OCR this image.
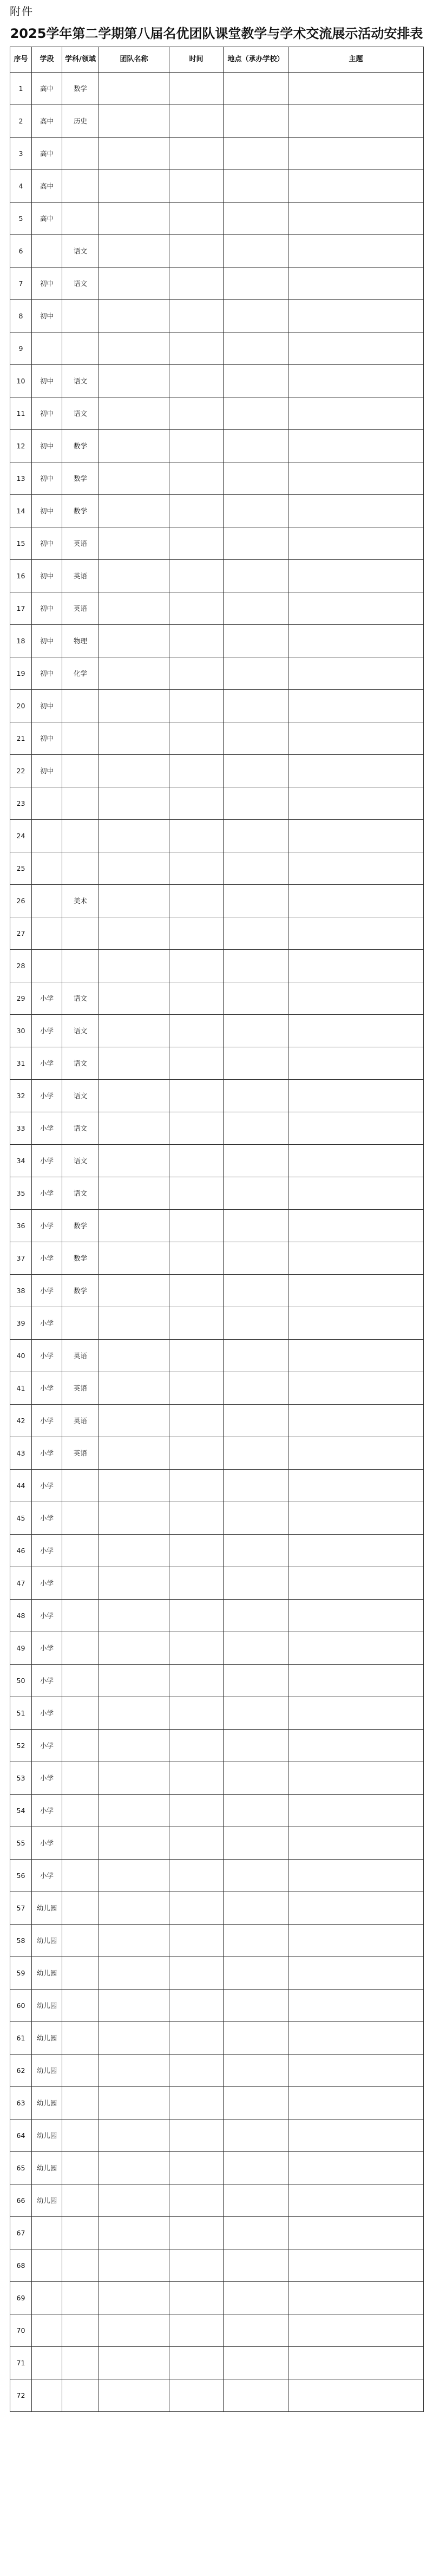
附件
2025学年第二学期第八届名优团队课堂教学与学术交流展示活动安排表
序号	学段	学科/领域	团队名称	时间	地点（承办学校）	主题

1	高中	数学				

2	高中	历史				

3	高中					

4	高中					

5	高中					

6		语文				

7	初中	语文				

8	初中					

9						

10	初中	语文				

11	初中	语文				

12	初中	数学				

13	初中	数学				

14	初中	数学				

15	初中	英语				

16	初中	英语				

17	初中	英语				

18	初中	物理				

19	初中	化学				

20	初中					

21	初中					

22	初中					

23						

24						

25						

26		美术				

27						

28						

29	小学	语文				

30	小学	语文				

31	小学	语文				

32	小学	语文				

33	小学	语文				

34	小学	语文				

35	小学	语文				

36	小学	数学				

37	小学	数学				

38	小学	数学				

39	小学					

40	小学	英语				

41	小学	英语				

42	小学	英语				

43	小学	英语				

44	小学					

45	小学					

46	小学					

47	小学					

48	小学					

49	小学					

50	小学					

51	小学					

52	小学					

53	小学					

54	小学					

55	小学					

56	小学					

57	幼儿园					

58	幼儿园					

59	幼儿园					

60	幼儿园					

61	幼儿园					

62	幼儿园					

63	幼儿园					

64	幼儿园					

65	幼儿园					

66	幼儿园					

67						

68						

69						

70						

71						

72						
